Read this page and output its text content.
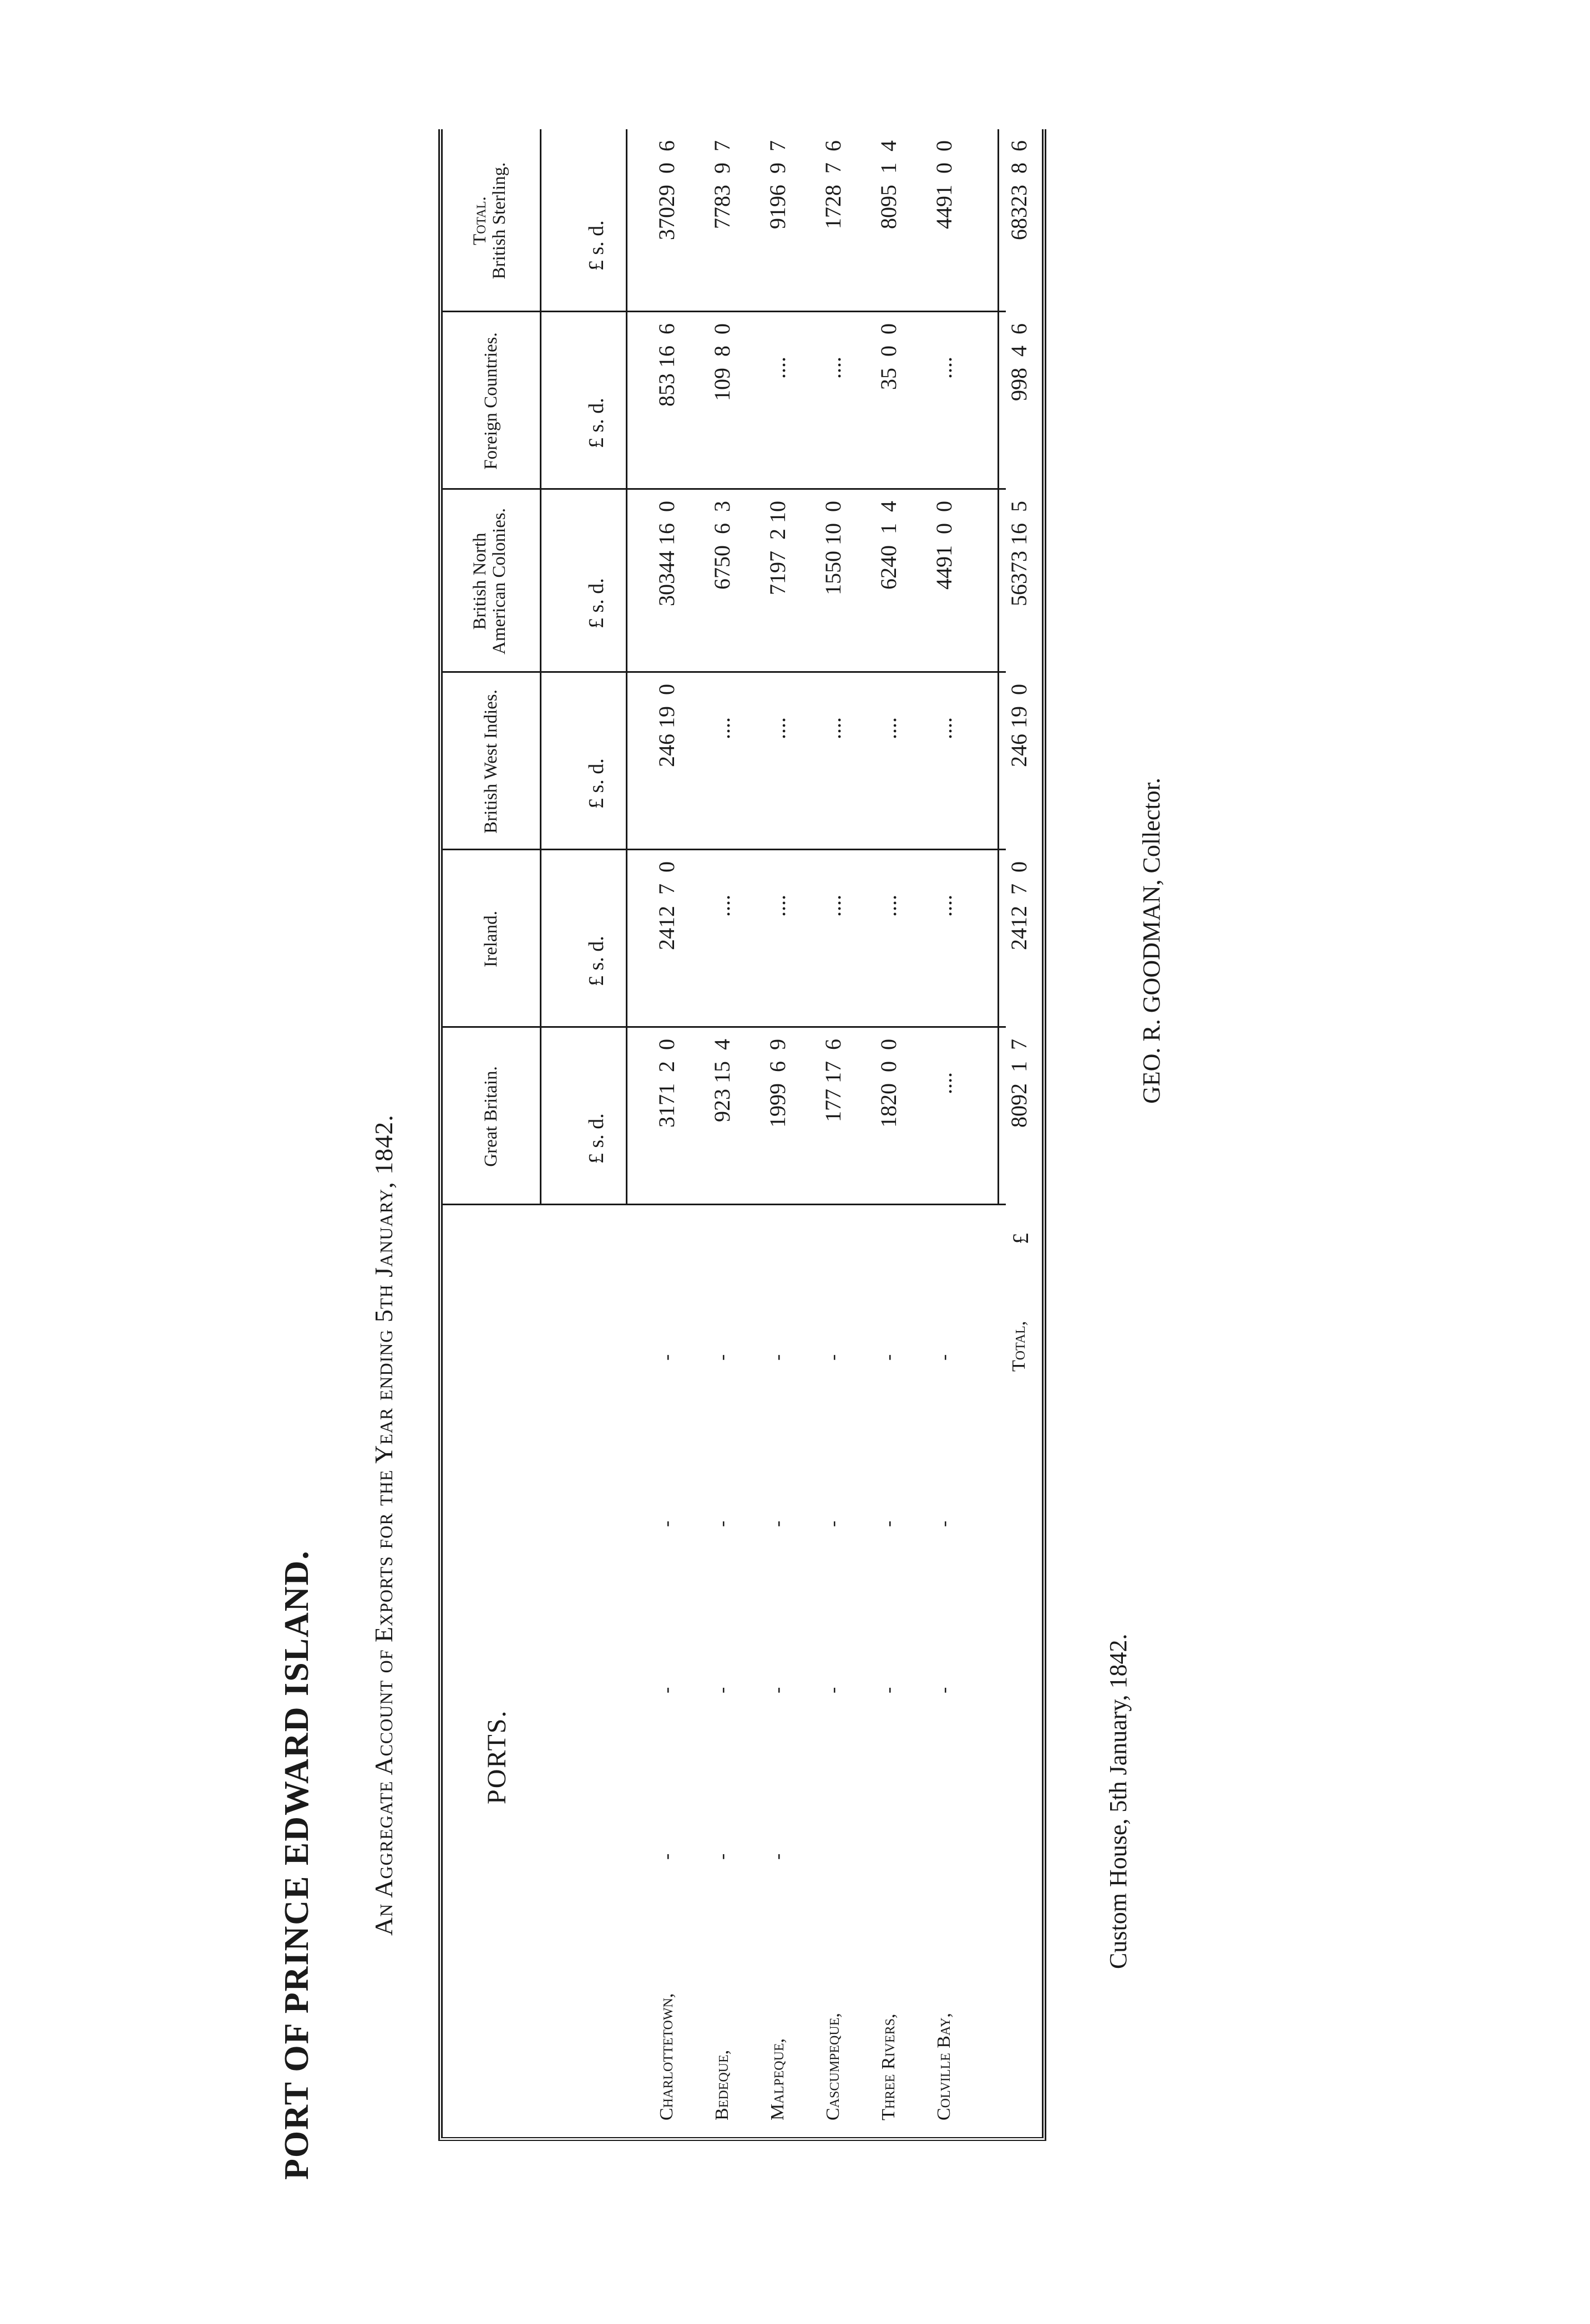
PORT OF PRINCE EDWARD ISLAND. An Aggregate Account of Exports for the Year ending 5th January, 1842.	PORTS.
Great Britain.
Ireland.
British West Indies.
British North
American Colonies.
Foreign Countries.
Total.
British Sterling.
£ s. d.
£ s. d.
£ s. d.
£ s. d.
£ s. d.
£ s. d.
Charlottetown, Bedeque, Malpeque, Cascumpeque, Three Rivers, Colville Bay,
-
-
-
-
-
-
-
-
-
-
-
-
-
-
-
-
-
-
-
-
-
3171  2  0
2412  7  0
246 19  0
30344 16  0
853 16  6
37029  0  6
923 15  4
....
....
6750  6  3
109  8  0
7783  9  7
1999  6  9
....
....
7197  2 10
....
9196  9  7
177 17  6
....
....
1550 10  0
....
1728  7  6
1820  0  0
....
....
6240  1  4
35  0  0
8095  1  4
....
....
....
4491  0  0
....
4491  0  0
Total,
£
8092  1  7
2412  7  0
246 19  0
56373 16  5
998  4  6
68323  8  6
Custom House, 5th January, 1842.
GEO. R. GOODMAN, Collector.
